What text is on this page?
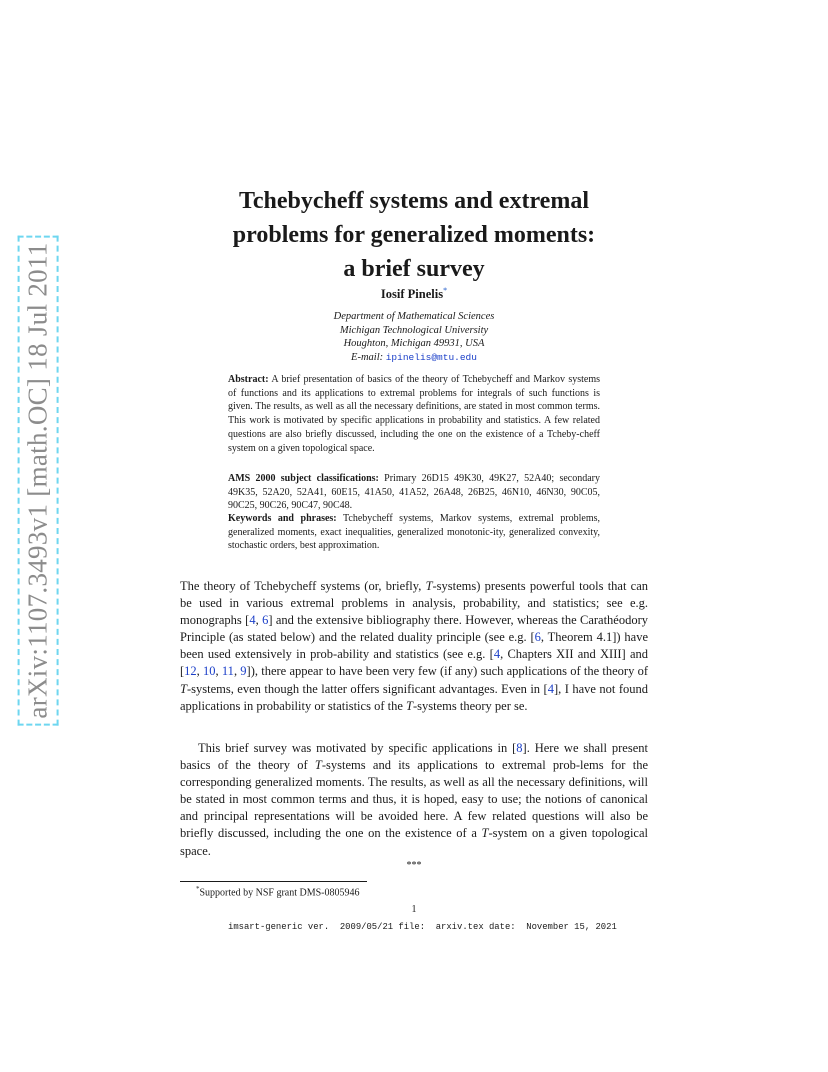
arXiv:1107.3493v1 [math.OC] 18 Jul 2011
Tchebycheff systems and extremal
problems for generalized moments:
a brief survey
Iosif Pinelis*
Department of Mathematical Sciences
Michigan Technological University
Houghton, Michigan 49931, USA
E-mail: ipinelis@mtu.edu
Abstract: A brief presentation of basics of the theory of Tchebycheff and Markov systems of functions and its applications to extremal problems for integrals of such functions is given. The results, as well as all the necessary definitions, are stated in most common terms. This work is motivated by specific applications in probability and statistics. A few related questions are also briefly discussed, including the one on the existence of a Tcheby-cheff system on a given topological space.
AMS 2000 subject classifications: Primary 26D15 49K30, 49K27, 52A40; secondary 49K35, 52A20, 52A41, 60E15, 41A50, 41A52, 26A48, 26B25, 46N10, 46N30, 90C05, 90C25, 90C26, 90C47, 90C48.
Keywords and phrases: Tchebycheff systems, Markov systems, extremal problems, generalized moments, exact inequalities, generalized monotonic-ity, generalized convexity, stochastic orders, best approximation.
The theory of Tchebycheff systems (or, briefly, T-systems) presents powerful tools that can be used in various extremal problems in analysis, probability, and statistics; see e.g. monographs [4, 6] and the extensive bibliography there. However, whereas the Carathéodory Principle (as stated below) and the related duality principle (see e.g. [6, Theorem 4.1]) have been used extensively in prob-ability and statistics (see e.g. [4, Chapters XII and XIII] and [12, 10, 11, 9]), there appear to have been very few (if any) such applications of the theory of T-systems, even though the latter offers significant advantages. Even in [4], I have not found applications in probability or statistics of the T-systems theory per se.
This brief survey was motivated by specific applications in [8]. Here we shall present basics of the theory of T-systems and its applications to extremal prob-lems for the corresponding generalized moments. The results, as well as all the necessary definitions, will be stated in most common terms and thus, it is hoped, easy to use; the notions of canonical and principal representations will be avoided here. A few related questions will also be briefly discussed, including the one on the existence of a T-system on a given topological space.
***
*Supported by NSF grant DMS-0805946
1
imsart-generic ver.  2009/05/21 file:  arxiv.tex date:  November 15, 2021
